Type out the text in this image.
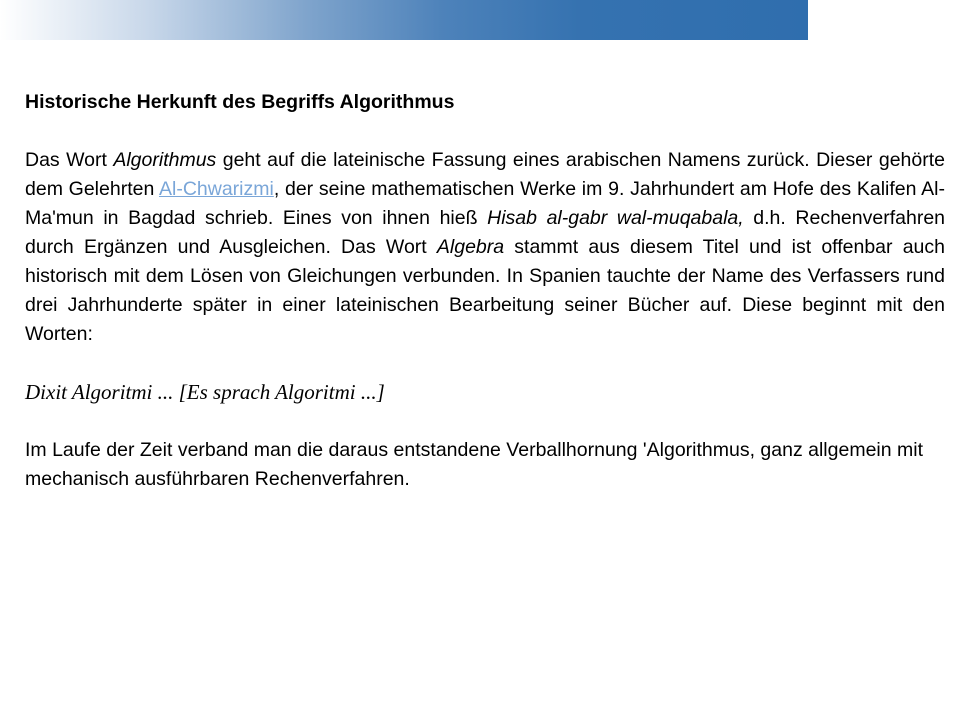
Historische Herkunft des Begriffs Algorithmus

Das Wort Algorithmus geht auf die lateinische Fassung eines arabischen Namens zurück. Dieser gehörte dem Gelehrten Al-Chwarizmi, der seine mathematischen Werke im 9. Jahrhundert am Hofe des Kalifen Al-Ma'mun in Bagdad schrieb. Eines von ihnen hieß Hisab al-gabr wal-muqabala, d.h. Rechenverfahren durch Ergänzen und Ausgleichen. Das Wort Algebra stammt aus diesem Titel und ist offenbar auch historisch mit dem Lösen von Gleichungen verbunden. In Spanien tauchte der Name des Verfassers rund drei Jahrhunderte später in einer lateinischen Bearbeitung seiner Bücher auf. Diese beginnt mit den Worten:

Dixit Algoritmi ... [Es sprach Algoritmi ...]

Im Laufe der Zeit verband man die daraus entstandene Verballhornung 'Algorithmus, ganz allgemein mit mechanisch ausführbaren Rechenverfahren.
